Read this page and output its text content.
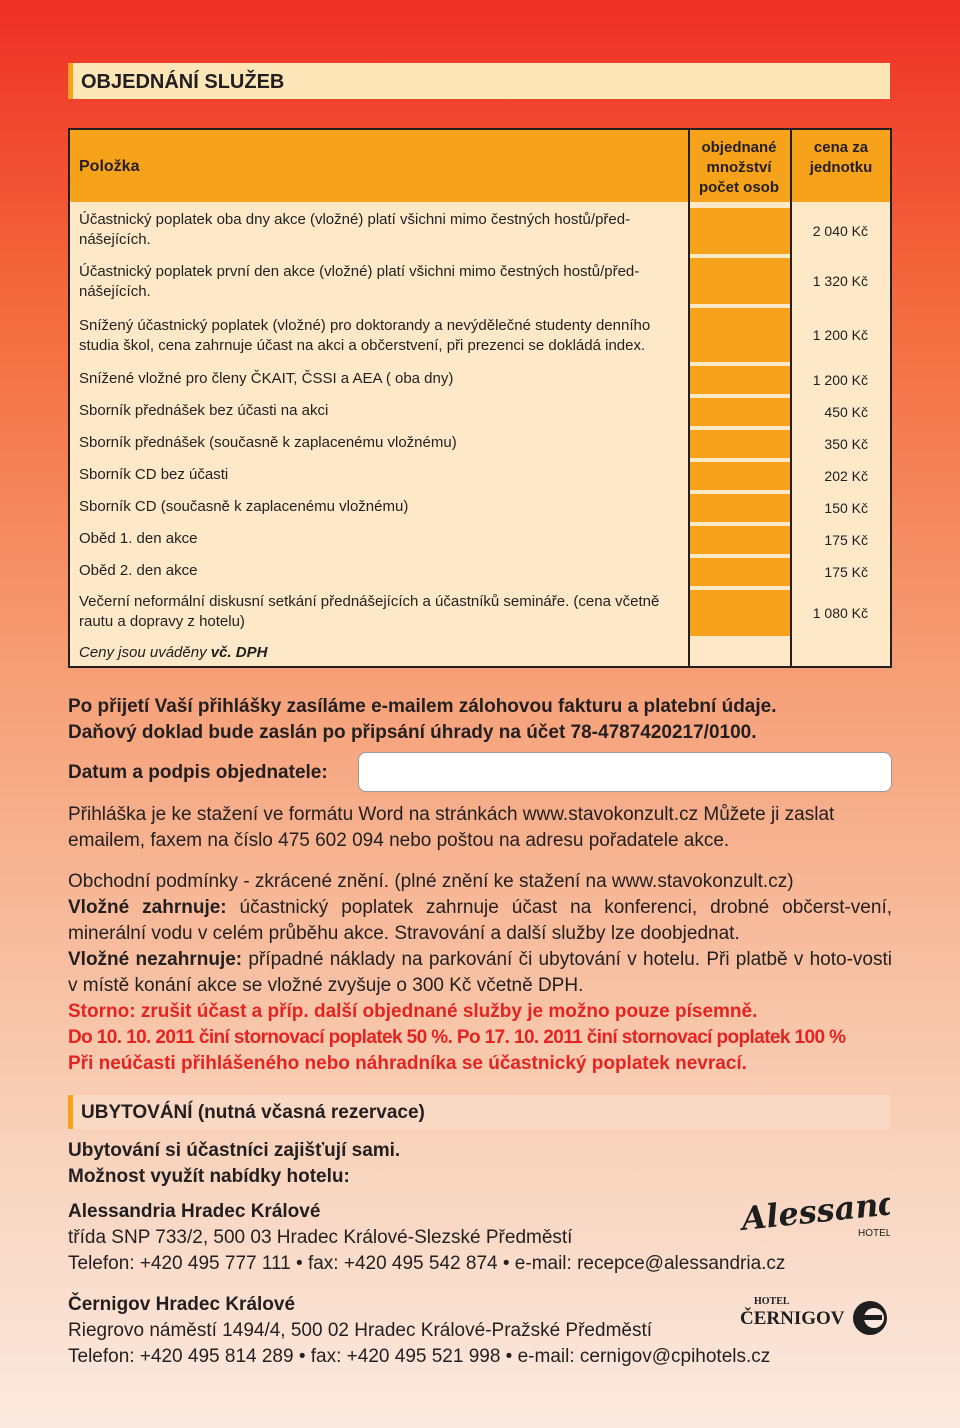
OBJEDNÁNÍ SLUŽEB
Položka
objednané množství počet osob
cena za jednotku
2 040 Kč
1 320 Kč
1 200 Kč
1 200 Kč
450 Kč
350 Kč
202 Kč
150 Kč
175 Kč
175 Kč
1 080 Kč
Účastnický poplatek oba dny akce (vložné) platí všichni mimo čestných hostů/před-nášejících.
Účastnický poplatek první den akce (vložné) platí všichni mimo čestných hostů/před-nášejících.
Snížený účastnický poplatek (vložné) pro doktorandy a nevýdělečné studenty denního studia škol, cena zahrnuje účast na akci a občerstvení, při prezenci se dokládá index.
Snížené vložné pro členy ČKAIT, ČSSI a AEA ( oba dny)
Sborník přednášek bez účasti na akci
Sborník přednášek (současně k zaplacenému vložnému)
Sborník CD bez účasti
Sborník CD (současně k zaplacenému vložnému)
Oběd 1. den akce
Oběd 2. den akce
Večerní neformální diskusní setkání přednášejících a účastníků semináře. (cena včetně rautu a dopravy z hotelu)
Ceny jsou uváděny vč. DPH
Po přijetí Vaší přihlášky zasíláme e-mailem zálohovou fakturu a platební údaje.
Daňový doklad bude zaslán po připsání úhrady na účet 78-4787420217/0100.
Datum a podpis objednatele:
Přihláška je ke stažení ve formátu Word na stránkách www.stavokonzult.cz Můžete ji zaslat emailem, faxem na číslo 475 602 094 nebo poštou na adresu pořadatele akce.
Obchodní podmínky - zkrácené znění. (plné znění ke stažení na www.stavokonzult.cz)
Vložné zahrnuje: účastnický poplatek zahrnuje účast na konferenci, drobné občerst-vení, minerální vodu v celém průběhu akce. Stravování a další služby lze doobjednat.
Vložné nezahrnuje: případné náklady na parkování či ubytování v hotelu. Při platbě v hoto-vosti v místě konání akce se vložné zvyšuje o 300 Kč včetně DPH.
Storno: zrušit účast a příp. další objednané služby je možno pouze písemně.
Do 10. 10. 2011 činí stornovací poplatek 50 %. Po 17. 10. 2011 činí stornovací poplatek 100 %
Při neúčasti přihlášeného nebo náhradníka se účastnický poplatek nevrací.
UBYTOVÁNÍ (nutná včasná rezervace)
Ubytování si účastníci zajišťují sami.
Možnost využít nabídky hotelu:
Alessandria Hradec Králové
třída SNP 733/2, 500 03 Hradec Králové-Slezské Předměstí
Telefon: +420 495 777 111 • fax: +420 495 542 874 • e-mail: recepce@alessandria.cz
Alessandria
HOTEL
Černigov Hradec Králové
Riegrovo náměstí 1494/4, 500 02 Hradec Králové-Pražské Předměstí
Telefon: +420 495 814 289 • fax: +420 495 521 998 • e-mail: cernigov@cpihotels.cz
HOTEL
ČERNIGOV
